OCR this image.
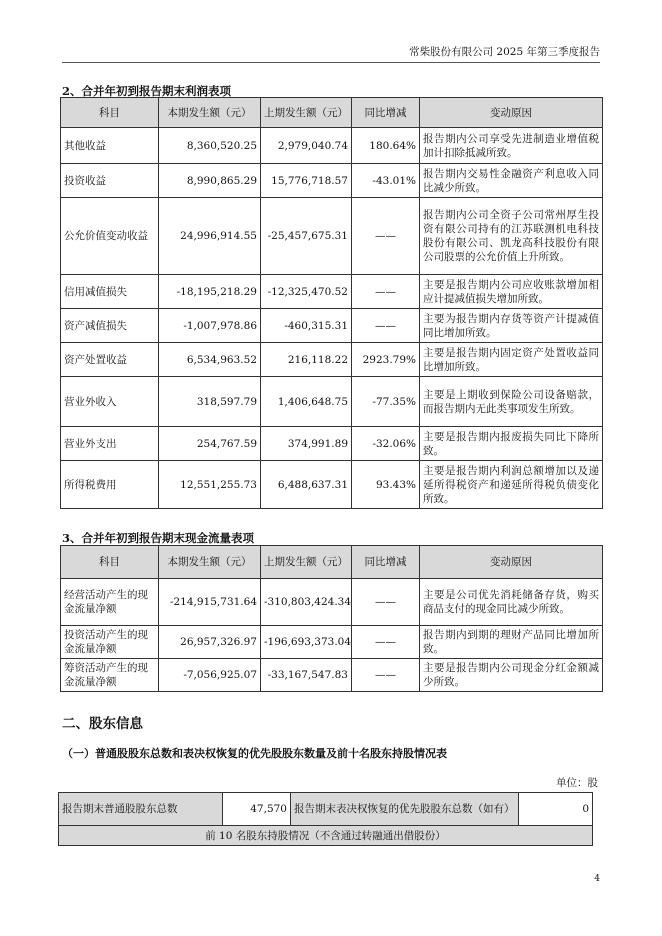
常柴股份有限公司 2025 年第三季度报告
2、合并年初到报告期末利润表项
科目	本期发生额（元）	上期发生额（元）	同比增减	变动原因
其他收益	8,360,520.25	2,979,040.74	180.64%	报告期内公司享受先进制造业增值税加计扣除抵减所致。
投资收益	8,990,865.29	15,776,718.57	-43.01%	报告期内交易性金融资产利息收入同比减少所致。
公允价值变动收益	24,996,914.55	-25,457,675.31	——	报告期内公司全资子公司常州厚生投资有限公司持有的江苏联测机电科技股份有限公司、凯龙高科技股份有限公司股票的公允价值上升所致。
信用减值损失	-18,195,218.29	-12,325,470.52	——	主要是报告期内公司应收账款增加相应计提减值损失增加所致。
资产减值损失	-1,007,978.86	-460,315.31	——	主要为报告期内存货等资产计提减值同比增加所致。
资产处置收益	6,534,963.52	216,118.22	2923.79%	主要是报告期内固定资产处置收益同比增加所致。
营业外收入	318,597.79	1,406,648.75	-77.35%	主要是上期收到保险公司设备赔款，而报告期内无此类事项发生所致。
营业外支出	254,767.59	374,991.89	-32.06%	主要是报告期内报废损失同比下降所致。
所得税费用	12,551,255.73	6,488,637.31	93.43%	主要是报告期内利润总额增加以及递延所得税资产和递延所得税负债变化所致。
3、合并年初到报告期末现金流量表项
科目	本期发生额（元）	上期发生额（元）	同比增减	变动原因
经营活动产生的现金流量净额	-214,915,731.64	-310,803,424.34	——	主要是公司优先消耗储备存货，购买商品支付的现金同比减少所致。
投资活动产生的现金流量净额	26,957,326.97	-196,693,373.04	——	报告期内到期的理财产品同比增加所致。
筹资活动产生的现金流量净额	-7,056,925.07	-33,167,547.83	——	主要是报告期内公司现金分红金额减少所致。
二、股东信息
（一）普通股股东总数和表决权恢复的优先股股东数量及前十名股东持股情况表
单位：股
报告期末普通股股东总数	47,570	报告期末表决权恢复的优先股股东总数（如有）	0
前 10 名股东持股情况（不含通过转融通出借股份）
4
